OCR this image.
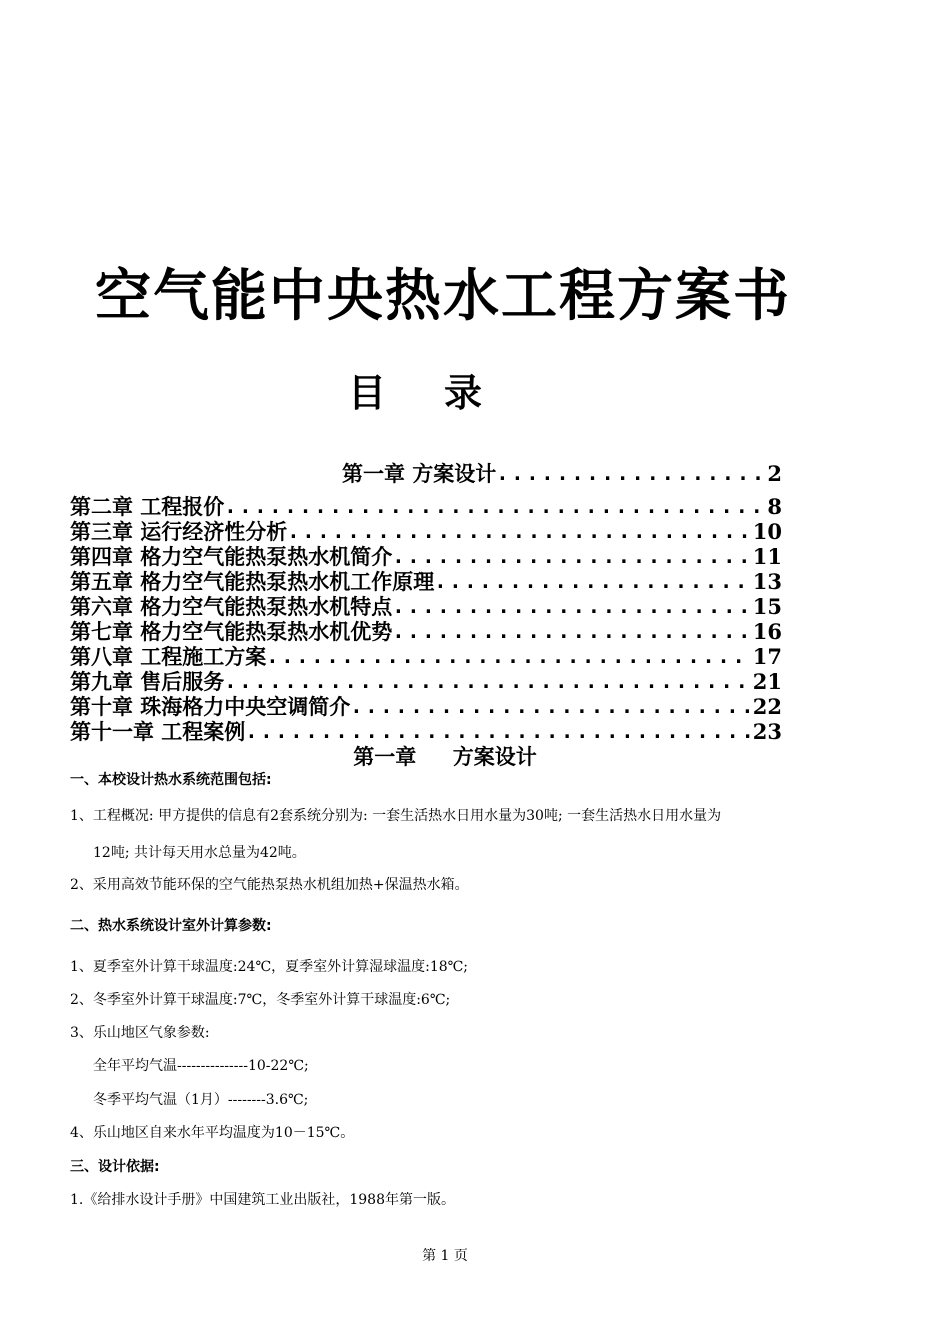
空气能中央热水工程方案书
目录
第一章 方案设计 .....	2
第二章 工程报价 .....	8
第三章 运行经济性分析 .....	10
第四章 格力空气能热泵热水机简介 .....	11
第五章 格力空气能热泵热水机工作原理 .....	13
第六章 格力空气能热泵热水机特点 .....	15
第七章 格力空气能热泵热水机优势 .....	16
第八章 工程施工方案 .....	17
第九章 售后服务 .....	21
第十章 珠海格力中央空调简介 .....	22
第十一章 工程案例 .....	23
第一章     方案设计
一、本校设计热水系统范围包括:
1、工程概况: 甲方提供的信息有2套系统分别为: 一套生活热水日用水量为30吨; 一套生活热水日用水量为
12吨; 共计每天用水总量为42吨。
2、采用高效节能环保的空气能热泵热水机组加热+保温热水箱。
二、热水系统设计室外计算参数:
1、夏季室外计算干球温度:24℃，夏季室外计算湿球温度:18℃;
2、冬季室外计算干球温度:7℃，冬季室外计算干球温度:6℃;
3、乐山地区气象参数:
全年平均气温---------------10-22℃;
冬季平均气温（1月）--------3.6℃;
4、乐山地区自来水年平均温度为10－15℃。
三、设计依据:
1.《给排水设计手册》中国建筑工业出版社，1988年第一版。
第 1 页
